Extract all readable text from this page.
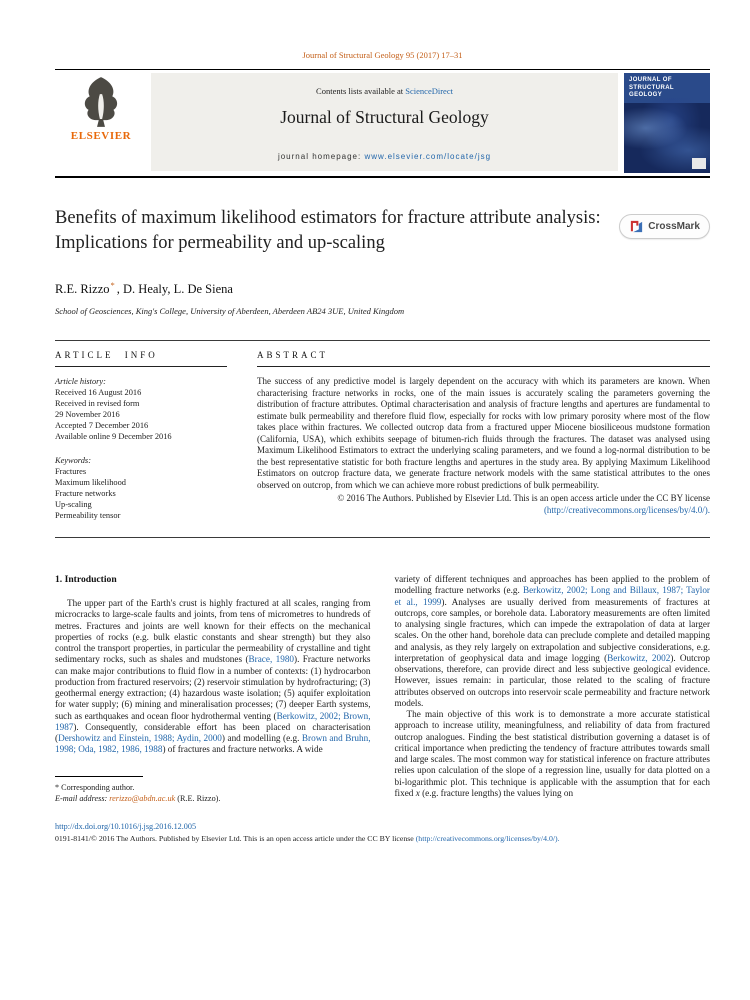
Journal of Structural Geology 95 (2017) 17–31
ELSEVIER
Contents lists available at ScienceDirect
Journal of Structural Geology
journal homepage: www.elsevier.com/locate/jsg
JOURNAL OF
STRUCTURAL
GEOLOGY
Benefits of maximum likelihood estimators for fracture attribute analysis: Implications for permeability and up-scaling
CrossMark
R.E. Rizzo* , D. Healy, L. De Siena
School of Geosciences, King's College, University of Aberdeen, Aberdeen AB24 3UE, United Kingdom
ARTICLE INFO
Article history:
Received 16 August 2016
Received in revised form
29 November 2016
Accepted 7 December 2016
Available online 9 December 2016
Keywords:
Fractures
Maximum likelihood
Fracture networks
Up-scaling
Permeability tensor
ABSTRACT

The success of any predictive model is largely dependent on the accuracy with which its parameters are known. When characterising fracture networks in rocks, one of the main issues is accurately scaling the parameters governing the distribution of fracture attributes. Optimal characterisation and analysis of fracture lengths and apertures are fundamental to estimate bulk permeability and therefore fluid flow, especially for rocks with low primary porosity where most of the flow takes place within fractures. We collected outcrop data from a fractured upper Miocene biosiliceous mudstone formation (California, USA), which exhibits seepage of bitumen-rich fluids through the fractures. The dataset was analysed using Maximum Likelihood Estimators to extract the underlying scaling parameters, and we found a log-normal distribution to be the best representative statistic for both fracture lengths and apertures in the study area. By applying Maximum Likelihood Estimators on outcrop fracture data, we generate fracture network models with the same statistical attributes to the ones observed on outcrop, from which we can achieve more robust predictions of bulk permeability.

© 2016 The Authors. Published by Elsevier Ltd. This is an open access article under the CC BY license
(http://creativecommons.org/licenses/by/4.0/).
1. Introduction

The upper part of the Earth's crust is highly fractured at all scales, ranging from microcracks to large-scale faults and joints, from tens of micrometres to hundreds of metres. Fractures and joints are well known for their effects on the mechanical properties of rocks (e.g. bulk elastic constants and shear strength) but they also control the transport properties, in particular the permeability of crystalline and tight sedimentary rocks, such as shales and mudstones (Brace, 1980). Fracture networks can make major contributions to fluid flow in a number of contexts: (1) hydrocarbon production from fractured reservoirs; (2) reservoir stimulation by hydrofracturing; (3) geothermal energy extraction; (4) hazardous waste isolation; (5) aquifer exploitation for water supply; (6) mining and mineralisation processes; (7) deeper Earth systems, such as earthquakes and ocean floor hydrothermal venting (Berkowitz, 2002; Brown, 1987). Consequently, considerable effort has been placed on characterisation (Dershowitz and Einstein, 1988; Aydin, 2000) and modelling (e.g. Brown and Bruhn, 1998; Oda, 1982, 1986, 1988) of fractures and fracture networks. A wide

* Corresponding author.
E-mail address: rerizzo@abdn.ac.uk (R.E. Rizzo).

variety of different techniques and approaches has been applied to the problem of modelling fracture networks (e.g. Berkowitz, 2002; Long and Billaux, 1987; Taylor et al., 1999). Analyses are usually derived from measurements of fractures at outcrops, core samples, or borehole data. Laboratory measurements are often limited to analysing single fractures, which can impede the extrapolation of data at larger scales. On the other hand, borehole data can preclude complete and detailed mapping and analysis, as they rely largely on extrapolation and subjective considerations, e.g. interpretation of geophysical data and image logging (Berkowitz, 2002). Outcrop observations, therefore, can provide direct and less subjective geological evidence. However, issues remain: in particular, those related to the scaling of fracture attributes observed on outcrops into reservoir scale permeability and fracture network models.

The main objective of this work is to demonstrate a more accurate statistical approach to increase utility, meaningfulness, and reliability of data from fractured outcrop analogues. Finding the best statistical distribution governing a dataset is of critical importance when predicting the tendency of fracture attributes towards small and large scales. The most common way for statistical inference on fracture attributes relies upon calculation of the slope of a regression line, usually for data plotted on a bi-logarithmic plot. This technique is applicable with the assumption that for each fixed x (e.g. fracture lengths) the values lying on

http://dx.doi.org/10.1016/j.jsg.2016.12.005
0191-8141/© 2016 The Authors. Published by Elsevier Ltd. This is an open access article under the CC BY license (http://creativecommons.org/licenses/by/4.0/).
